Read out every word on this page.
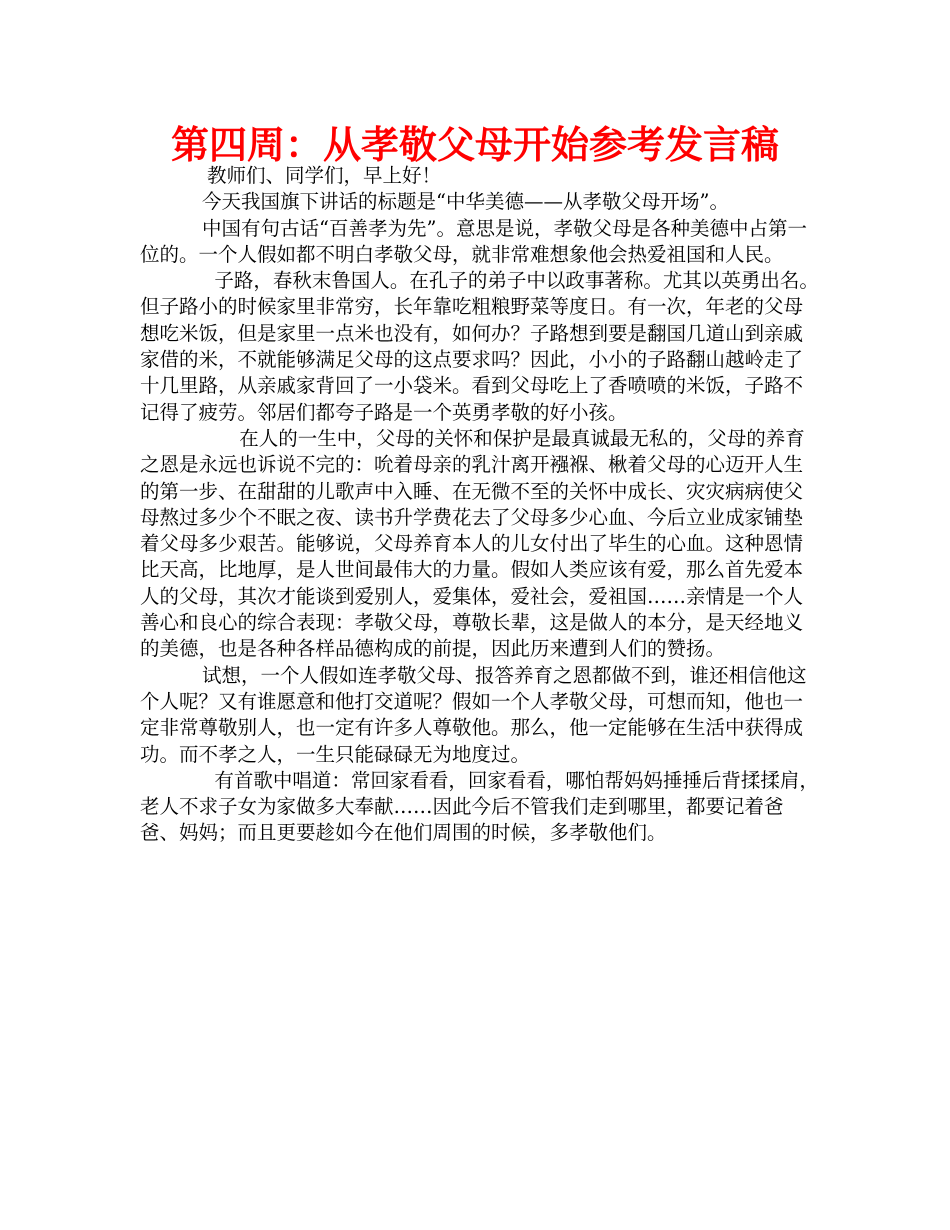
第四周：从孝敬父母开始参考发言稿

教师们、同学们，早上好！

今天我国旗下讲话的标题是“中华美德——从孝敬父母开场”。

中国有句古话“百善孝为先”。意思是说，孝敬父母是各种美德中占第一位的。一个人假如都不明白孝敬父母，就非常难想象他会热爱祖国和人民。

子路，春秋末鲁国人。在孔子的弟子中以政事著称。尤其以英勇出名。但子路小的时候家里非常穷，长年靠吃粗粮野菜等度日。有一次，年老的父母想吃米饭，但是家里一点米也没有，如何办？子路想到要是翻国几道山到亲戚家借的米，不就能够满足父母的这点要求吗？因此，小小的子路翻山越岭走了十几里路，从亲戚家背回了一小袋米。看到父母吃上了香喷喷的米饭，子路不记得了疲劳。邻居们都夸子路是一个英勇孝敬的好小孩。

在人的一生中，父母的关怀和保护是最真诚最无私的，父母的养育之恩是永远也诉说不完的：吮着母亲的乳汁离开襁褓、楸着父母的心迈开人生的第一步、在甜甜的儿歌声中入睡、在无微不至的关怀中成长、灾灾病病使父母熬过多少个不眠之夜、读书升学费花去了父母多少心血、今后立业成家铺垫着父母多少艰苦。能够说，父母养育本人的儿女付出了毕生的心血。这种恩情比天高，比地厚，是人世间最伟大的力量。假如人类应该有爱，那么首先爱本人的父母，其次才能谈到爱别人，爱集体，爱社会，爱祖国……亲情是一个人善心和良心的综合表现：孝敬父母，尊敬长辈，这是做人的本分，是天经地义的美德，也是各种各样品德构成的前提，因此历来遭到人们的赞扬。

试想，一个人假如连孝敬父母、报答养育之恩都做不到，谁还相信他这个人呢？又有谁愿意和他打交道呢？假如一个人孝敬父母，可想而知，他也一定非常尊敬别人，也一定有许多人尊敬他。那么，他一定能够在生活中获得成功。而不孝之人，一生只能碌碌无为地度过。

有首歌中唱道：常回家看看，回家看看，哪怕帮妈妈捶捶后背揉揉肩，老人不求子女为家做多大奉献……因此今后不管我们走到哪里，都要记着爸爸、妈妈；而且更要趁如今在他们周围的时候，多孝敬他们。
